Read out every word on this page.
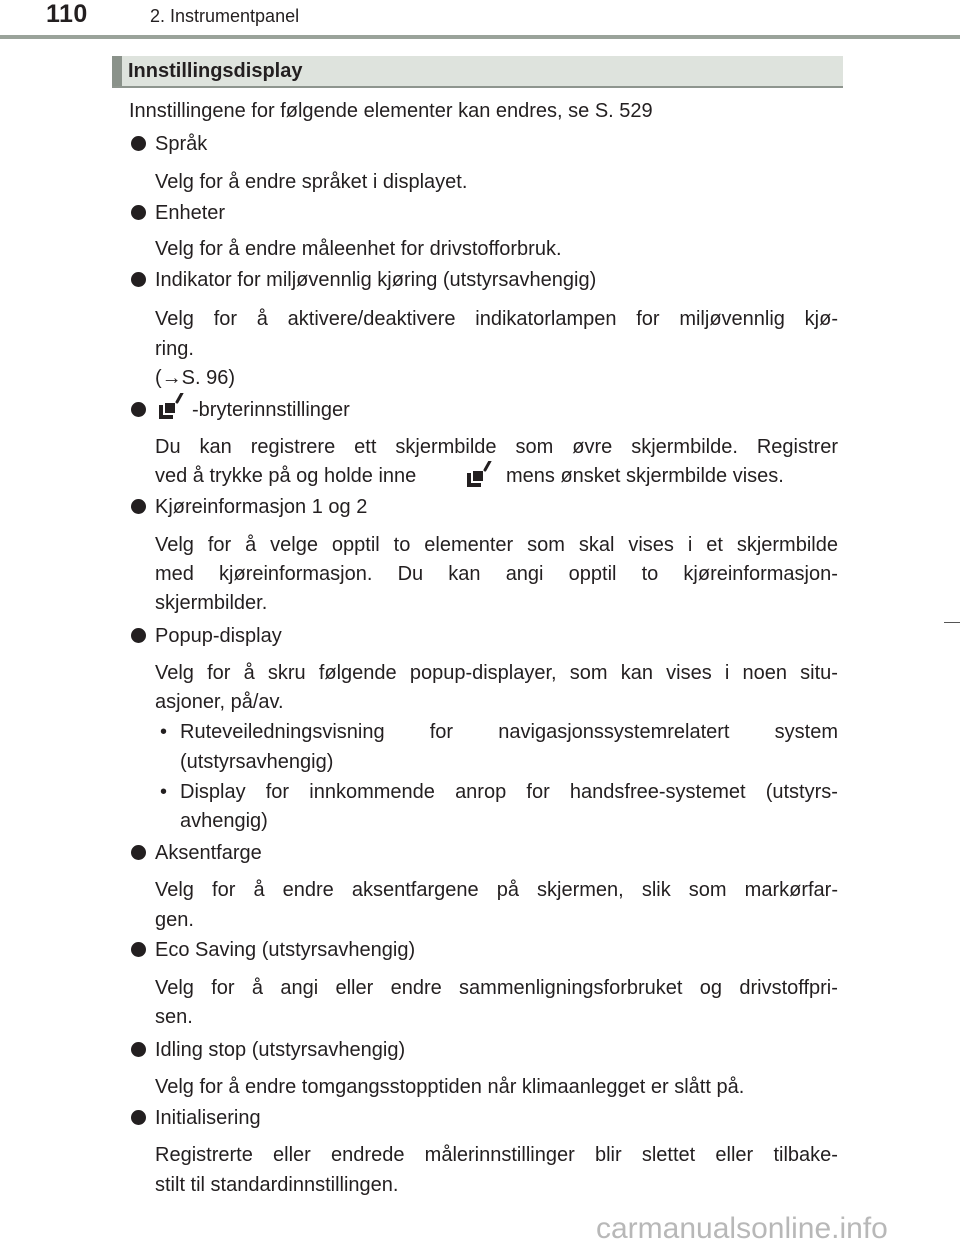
110	2. Instrumentpanel
Innstillingsdisplay
Innstillingene for følgende elementer kan endres, se S. 529
Språk
Velg for å endre språket i displayet.
Enheter
Velg for å endre måleenhet for drivstofforbruk.
Indikator for miljøvennlig kjøring (utstyrsavhengig)
Velg for å aktivere/deaktivere indikatorlampen for miljøvennlig kjø-
ring.
(→S. 96)
-bryterinnstillinger
Du kan registrere ett skjermbilde som øvre skjermbilde. Registrer
ved å trykke på og holde inne	mens ønsket skjermbilde vises.
Kjøreinformasjon 1 og 2
Velg for å velge opptil to elementer som skal vises i et skjermbilde
med kjøreinformasjon. Du kan angi opptil to kjøreinformasjon-
skjermbilder.
Popup-display
Velg for å skru følgende popup-displayer, som kan vises i noen situ-
asjoner, på/av.
• Ruteveiledningsvisning for navigasjonssystemrelatert system
(utstyrsavhengig)
• Display for innkommende anrop for handsfree-systemet (utstyrs-
avhengig)
Aksentfarge
Velg for å endre aksentfargene på skjermen, slik som markørfar-
gen.
Eco Saving (utstyrsavhengig)
Velg for å angi eller endre sammenligningsforbruket og drivstoffpri-
sen.
Idling stop (utstyrsavhengig)
Velg for å endre tomgangsstopptiden når klimaanlegget er slått på.
Initialisering
Registrerte eller endrede målerinnstillinger blir slettet eller tilbake-
stilt til standardinnstillingen.
carmanualsonline.info
